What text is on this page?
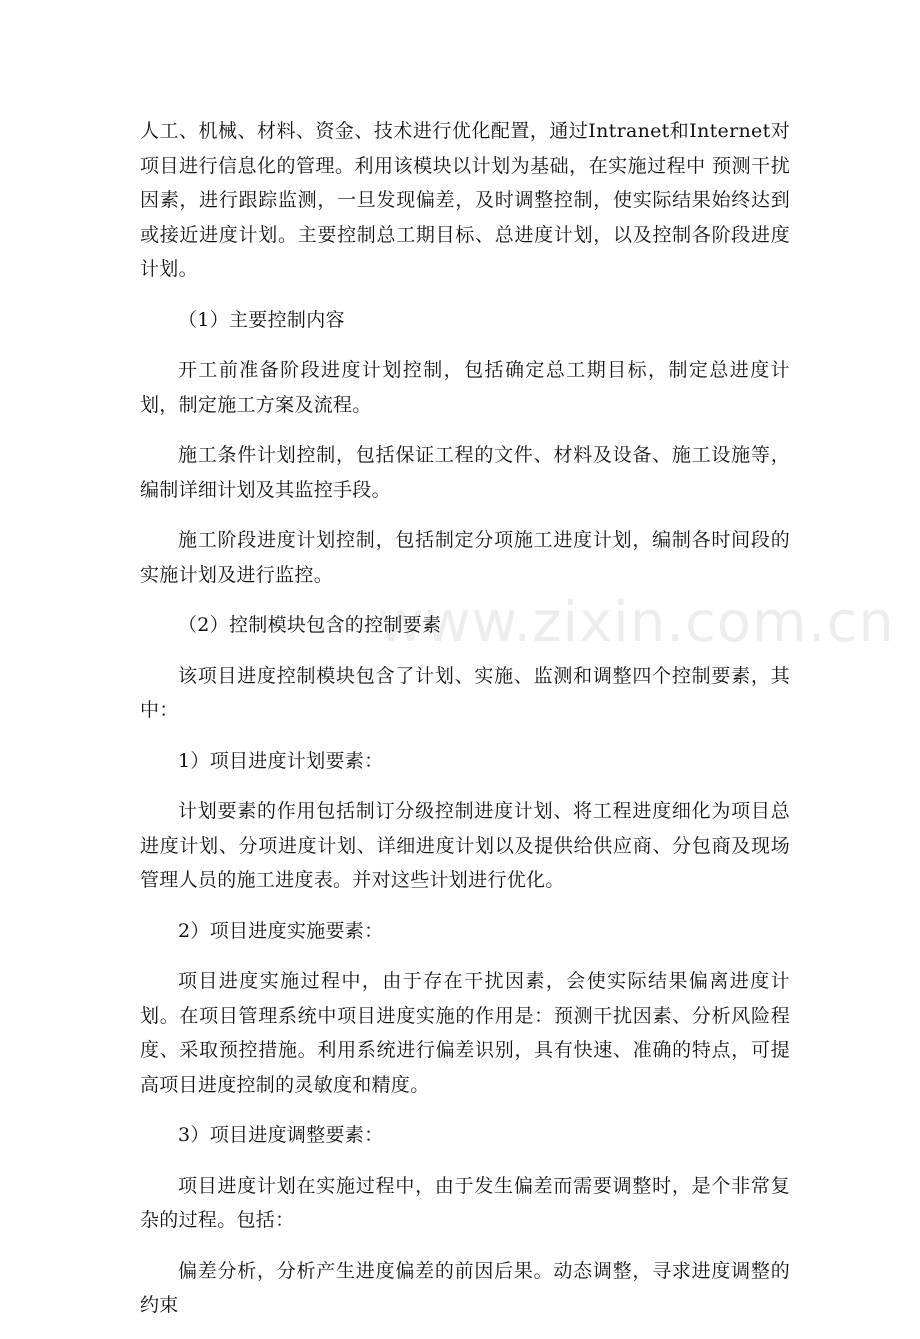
人工、机械、材料、资金、技术进行优化配置，通过Intranet和Internet对项目进行信息化的管理。利用该模块以计划为基础，在实施过程中 预测干扰因素，进行跟踪监测，一旦发现偏差，及时调整控制，使实际结果始终达到或接近进度计划。主要控制总工期目标、总进度计划，以及控制各阶段进度计划。

（1）主要控制内容

开工前准备阶段进度计划控制，包括确定总工期目标，制定总进度计划，制定施工方案及流程。

施工条件计划控制，包括保证工程的文件、材料及设备、施工设施等，编制详细计划及其监控手段。

施工阶段进度计划控制，包括制定分项施工进度计划，编制各时间段的实施计划及进行监控。

（2）控制模块包含的控制要素

该项目进度控制模块包含了计划、实施、监测和调整四个控制要素，其中：

1）项目进度计划要素：

计划要素的作用包括制订分级控制进度计划、将工程进度细化为项目总进度计划、分项进度计划、详细进度计划以及提供给供应商、分包商及现场管理人员的施工进度表。并对这些计划进行优化。

2）项目进度实施要素：

项目进度实施过程中，由于存在干扰因素，会使实际结果偏离进度计划。在项目管理系统中项目进度实施的作用是：预测干扰因素、分析风险程度、采取预控措施。利用系统进行偏差识别，具有快速、准确的特点，可提高项目进度控制的灵敏度和精度。

3）项目进度调整要素：

项目进度计划在实施过程中，由于发生偏差而需要调整时，是个非常复杂的过程。包括：

偏差分析，分析产生进度偏差的前因后果。动态调整，寻求进度调整的约束

www.zixin.com.cn
